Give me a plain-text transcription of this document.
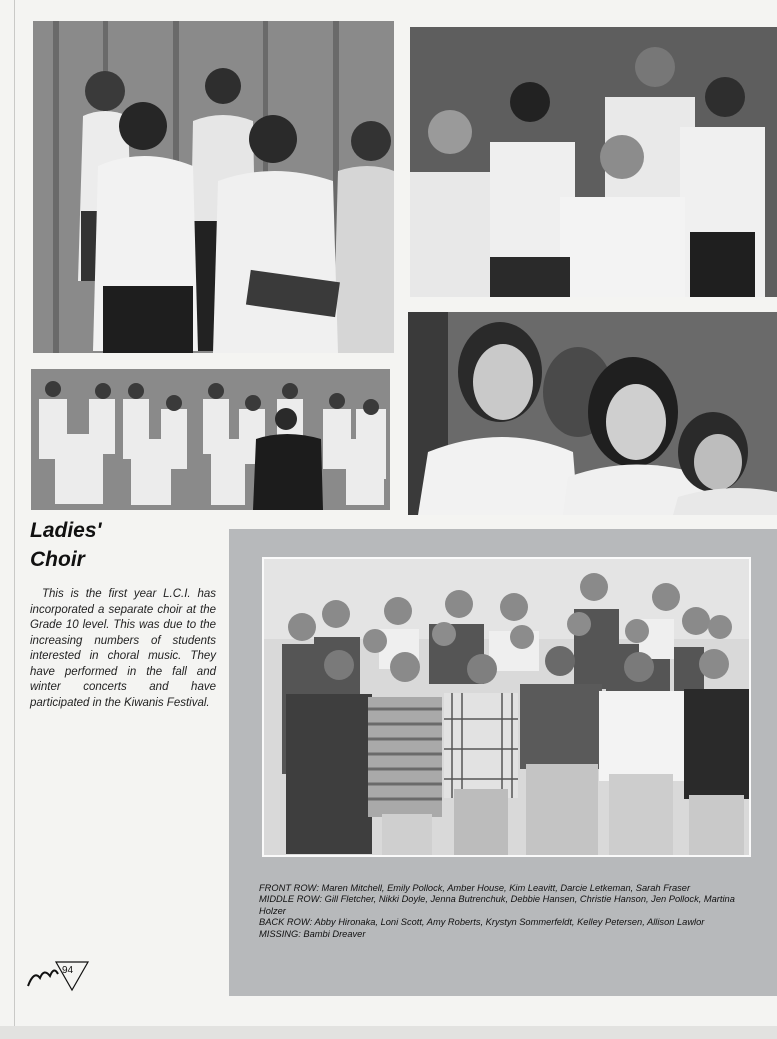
Ladies'
Choir

This is the first year L.C.I. has incorporated a separate choir at the Grade 10 level. This was due to the increasing numbers of students interested in choral music. They have performed in the fall and winter concerts and have participated in the Kiwanis Festival.

FRONT ROW: Maren Mitchell, Emily Pollock, Amber House, Kim Leavitt, Darcie Letkeman, Sarah Fraser
MIDDLE ROW: Gill Fletcher, Nikki Doyle, Jenna Butrenchuk, Debbie Hansen, Christie Hanson, Jen Pollock, Martina Holzer
BACK ROW: Abby Hironaka, Loni Scott, Amy Roberts, Krystyn Sommerfeldt, Kelley Petersen, Allison Lawlor
MISSING: Bambi Dreaver
94
